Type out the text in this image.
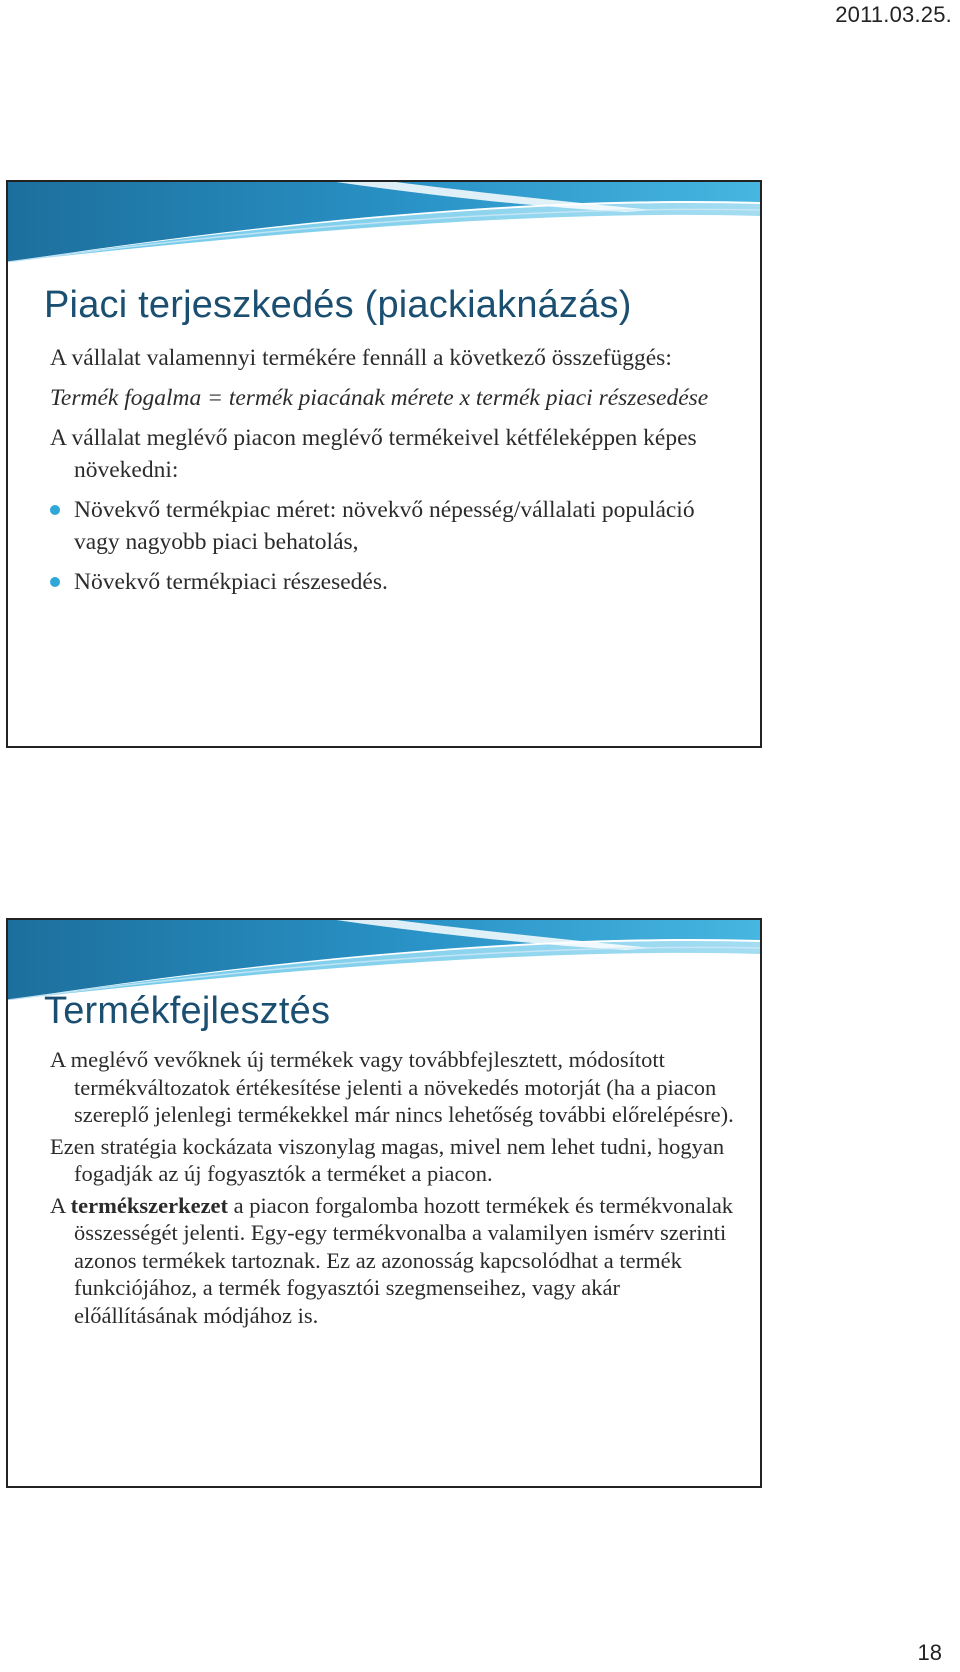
2011.03.25.
Piaci terjeszkedés (piackiaknázás)

A vállalat valamennyi termékére fennáll a következő összefüggés:

Termék fogalma = termék piacának mérete x termék piaci részesedése

A vállalat meglévő piacon meglévő termékeivel kétféleképpen képes növekedni:

Növekvő termékpiac méret: növekvő népesség/vállalati populáció vagy nagyobb piaci behatolás,
Növekvő termékpiaci részesedés.
Termékfejlesztés

A meglévő vevőknek új termékek vagy továbbfejlesztett, módosított termékváltozatok értékesítése jelenti a növekedés motorját (ha a piacon szereplő jelenlegi termékekkel már nincs lehetőség további előrelépésre).

Ezen stratégia kockázata viszonylag magas, mivel nem lehet tudni, hogyan fogadják az új fogyasztók a terméket a piacon.

A termékszerkezet a piacon forgalomba hozott termékek és termékvonalak összességét jelenti. Egy-egy termékvonalba a valamilyen ismérv szerinti azonos termékek tartoznak. Ez az azonosság kapcsolódhat a termék funkciójához, a termék fogyasztói szegmenseihez, vagy akár előállításának módjához is.

18
